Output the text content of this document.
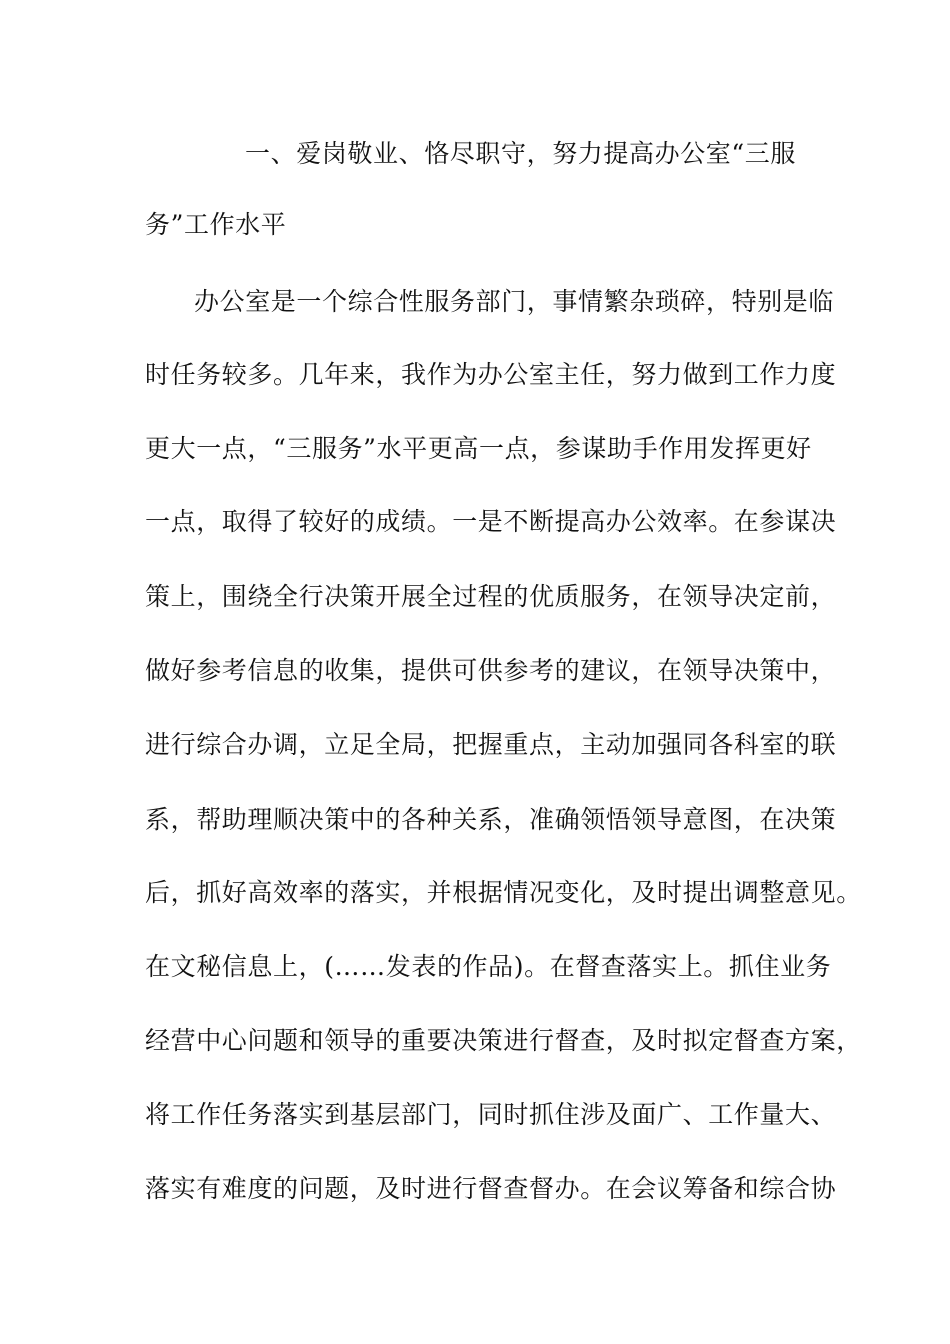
一、爱岗敬业、恪尽职守，努力提高办公室“三服
务”工作水平
办公室是一个综合性服务部门，事情繁杂琐碎，特别是临
时任务较多。几年来，我作为办公室主任，努力做到工作力度
更大一点，“三服务”水平更高一点，参谋助手作用发挥更好
一点，取得了较好的成绩。一是不断提高办公效率。在参谋决
策上，围绕全行决策开展全过程的优质服务，在领导决定前，
做好参考信息的收集，提供可供参考的建议，在领导决策中，
进行综合办调，立足全局，把握重点，主动加强同各科室的联
系，帮助理顺决策中的各种关系，准确领悟领导意图，在决策
后，抓好高效率的落实，并根据情况变化，及时提出调整意见。
在文秘信息上，(……发表的作品)。在督查落实上。抓住业务
经营中心问题和领导的重要决策进行督查，及时拟定督查方案，
将工作任务落实到基层部门，同时抓住涉及面广、工作量大、
落实有难度的问题，及时进行督查督办。在会议筹备和综合协
